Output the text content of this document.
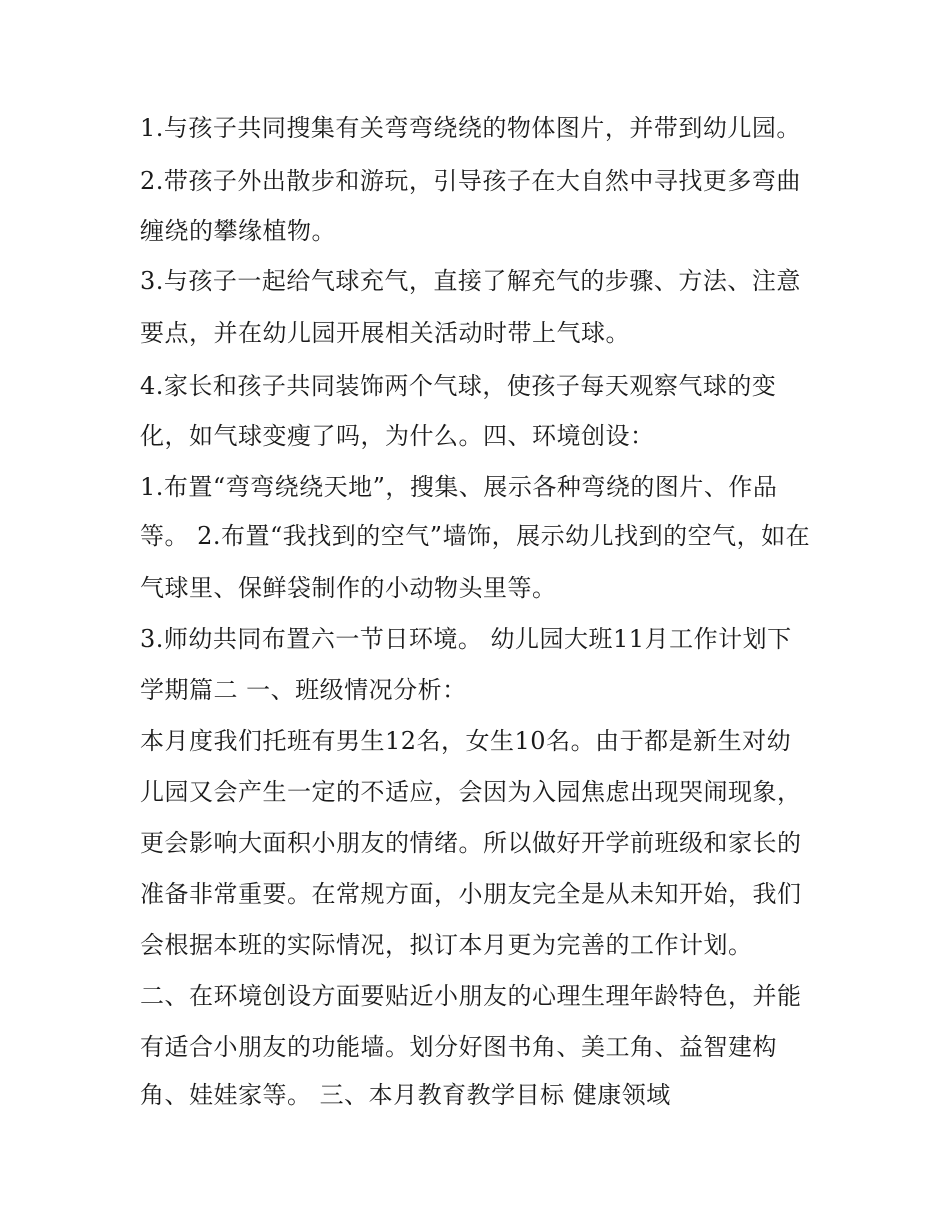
1.与孩子共同搜集有关弯弯绕绕的物体图片，并带到幼儿园。
2.带孩子外出散步和游玩，引导孩子在大自然中寻找更多弯曲
缠绕的攀缘植物。
3.与孩子一起给气球充气，直接了解充气的步骤、方法、注意
要点，并在幼儿园开展相关活动时带上气球。
4.家长和孩子共同装饰两个气球，使孩子每天观察气球的变
化，如气球变瘦了吗，为什么。四、环境创设：
1.布置“弯弯绕绕天地”，搜集、展示各种弯绕的图片、作品
等。 2.布置“我找到的空气”墙饰，展示幼儿找到的空气，如在
气球里、保鲜袋制作的小动物头里等。
3.师幼共同布置六一节日环境。 幼儿园大班11月工作计划下
学期篇二 一、班级情况分析：
本月度我们托班有男生12名，女生10名。由于都是新生对幼
儿园又会产生一定的不适应，会因为入园焦虑出现哭闹现象，
更会影响大面积小朋友的情绪。所以做好开学前班级和家长的
准备非常重要。在常规方面，小朋友完全是从未知开始，我们
会根据本班的实际情况，拟订本月更为完善的工作计划。
二、在环境创设方面要贴近小朋友的心理生理年龄特色，并能
有适合小朋友的功能墙。划分好图书角、美工角、益智建构
角、娃娃家等。 三、本月教育教学目标 健康领域
